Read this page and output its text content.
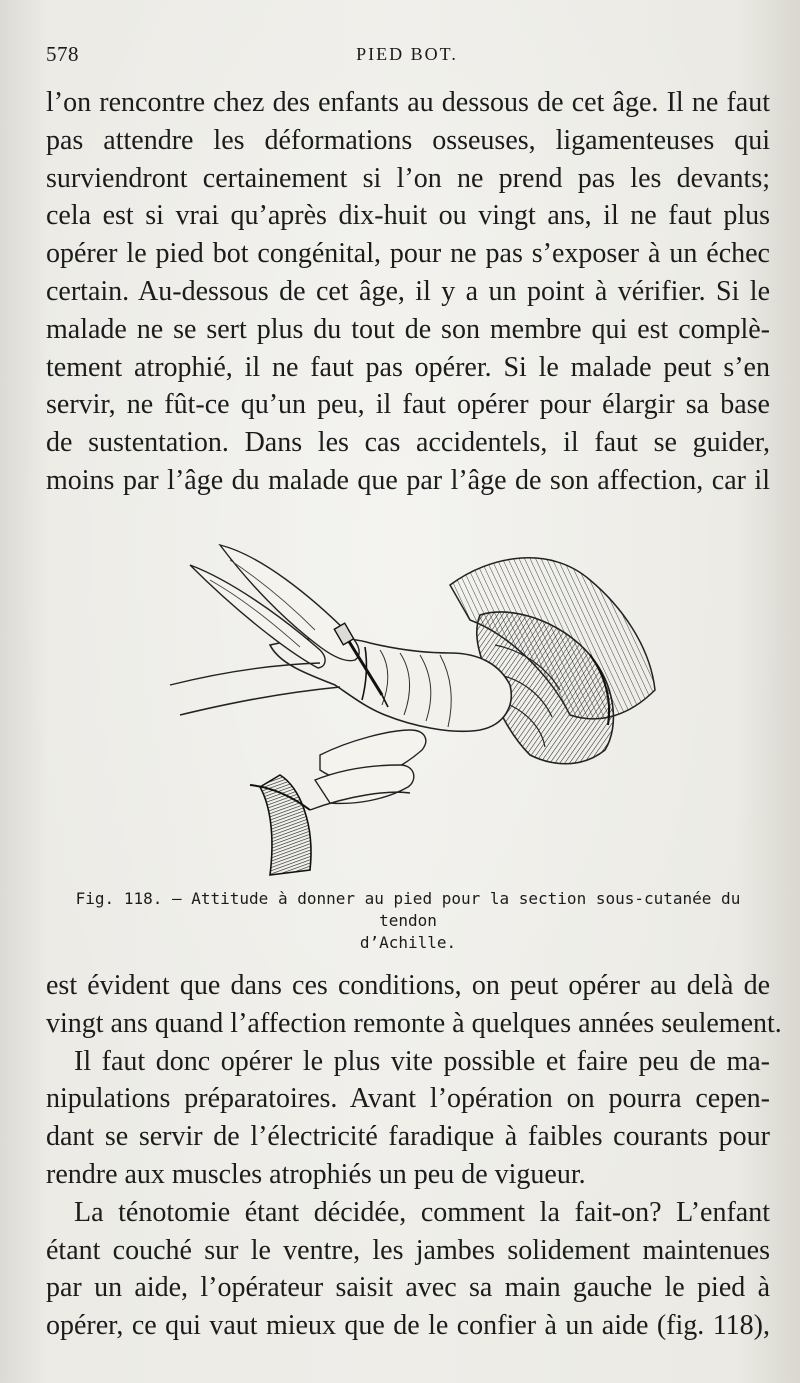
578	PIED BOT.

l’on rencontre chez des enfants au dessous de cet âge. Il ne faut

pas attendre les déformations osseuses, ligamenteuses qui

surviendront certainement si l’on ne prend pas les devants;

cela est si vrai qu’après dix-huit ou vingt ans, il ne faut plus

opérer le pied bot congénital, pour ne pas s’exposer à un échec

certain. Au-dessous de cet âge, il y a un point à vérifier. Si le

malade ne se sert plus du tout de son membre qui est complè-

tement atrophié, il ne faut pas opérer. Si le malade peut s’en

servir, ne fût-ce qu’un peu, il faut opérer pour élargir sa base

de sustentation. Dans les cas accidentels, il faut se guider,

moins par l’âge du malade que par l’âge de son affection, car il

Fig. 118. — Attitude à donner au pied pour la section sous-cutanée du tendon
d’Achille.

est évident que dans ces conditions, on peut opérer au delà de

vingt ans quand l’affection remonte à quelques années seulement.

Il faut donc opérer le plus vite possible et faire peu de ma-

nipulations préparatoires. Avant l’opération on pourra cepen-

dant se servir de l’électricité faradique à faibles courants pour

rendre aux muscles atrophiés un peu de vigueur.

La ténotomie étant décidée, comment la fait-on? L’enfant

étant couché sur le ventre, les jambes solidement maintenues

par un aide, l’opérateur saisit avec sa main gauche le pied à

opérer, ce qui vaut mieux que de le confier à un aide (fig. 118),
